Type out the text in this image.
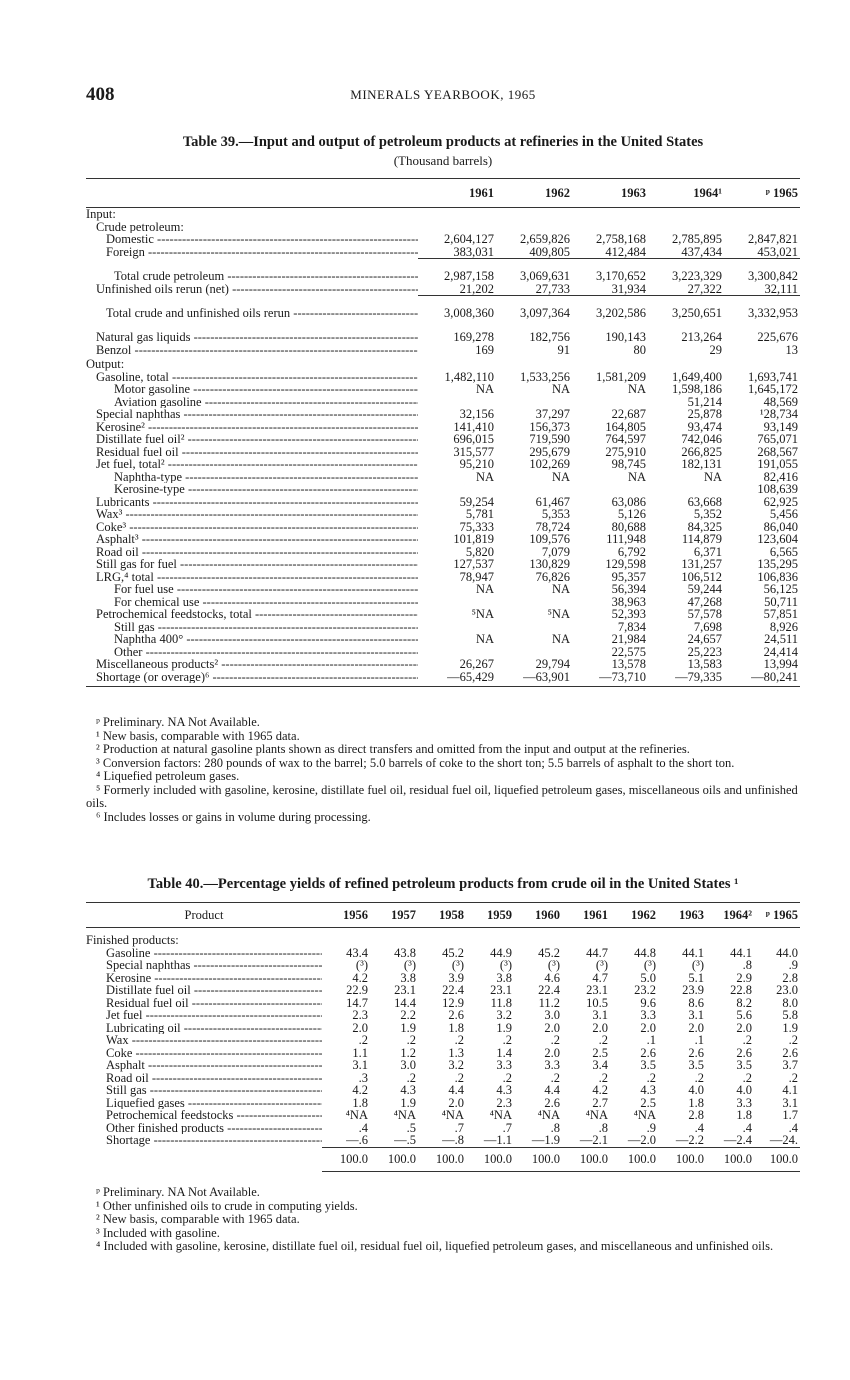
408	MINERALS YEARBOOK, 1965
Table 39.—Input and output of petroleum products at refineries in the United States
(Thousand barrels)
	1961	1962	1963	1964¹	ᵖ 1965
Input:					
Crude petroleum:					
Domestic -----	2,604,127	2,659,826	2,758,168	2,785,895	2,847,821
Foreign -----	383,031	409,805	412,484	437,434	453,021
Total crude petroleum -----	2,987,158	3,069,631	3,170,652	3,223,329	3,300,842
Unfinished oils rerun (net) -----	21,202	27,733	31,934	27,322	32,111
Total crude and unfinished oils rerun -----	3,008,360	3,097,364	3,202,586	3,250,651	3,332,953
Natural gas liquids -----	169,278	182,756	190,143	213,264	225,676
Benzol -----	169	91	80	29	13
Output:					
Gasoline, total -----	1,482,110	1,533,256	1,581,209	1,649,400	1,693,741
Motor gasoline -----	NA	NA	NA	1,598,186	1,645,172
Aviation gasoline -----				51,214	48,569
Special naphthas -----	32,156	37,297	22,687	25,878	¹28,734
Kerosine² -----	141,410	156,373	164,805	93,474	93,149
Distillate fuel oil² -----	696,015	719,590	764,597	742,046	765,071
Residual fuel oil -----	315,577	295,679	275,910	266,825	268,567
Jet fuel, total² -----	95,210	102,269	98,745	182,131	191,055
Naphtha-type -----	NA	NA	NA	NA	82,416
Kerosine-type -----					108,639
Lubricants -----	59,254	61,467	63,086	63,668	62,925
Wax³ -----	5,781	5,353	5,126	5,352	5,456
Coke³ -----	75,333	78,724	80,688	84,325	86,040
Asphalt³ -----	101,819	109,576	111,948	114,879	123,604
Road oil -----	5,820	7,079	6,792	6,371	6,565
Still gas for fuel -----	127,537	130,829	129,598	131,257	135,295
LRG,⁴ total -----	78,947	76,826	95,357	106,512	106,836
For fuel use -----	NA	NA	56,394	59,244	56,125
For chemical use -----			38,963	47,268	50,711
Petrochemical feedstocks, total -----	⁵NA	⁵NA	52,393	57,578	57,851
Still gas -----			7,834	7,698	8,926
Naphtha 400° -----	NA	NA	21,984	24,657	24,511
Other -----			22,575	25,223	24,414
Miscellaneous products² -----	26,267	29,794	13,578	13,583	13,994
Shortage (or overage)⁶ -----	—65,429	—63,901	—73,710	—79,335	—80,241

ᵖ Preliminary. NA Not Available.

¹ New basis, comparable with 1965 data.

² Production at natural gasoline plants shown as direct transfers and omitted from the input and output at the refineries.

³ Conversion factors: 280 pounds of wax to the barrel; 5.0 barrels of coke to the short ton; 5.5 barrels of asphalt to the short ton.

⁴ Liquefied petroleum gases.

⁵ Formerly included with gasoline, kerosine, distillate fuel oil, residual fuel oil, liquefied petroleum gases, miscellaneous oils and unfinished oils.

⁶ Includes losses or gains in volume during processing.

Table 40.—Percentage yields of refined petroleum products from crude oil in the United States ¹
Product	1956	1957	1958	1959	1960	1961	1962	1963	1964²	ᵖ 1965
Finished products:										
Gasoline -----	43.4	43.8	45.2	44.9	45.2	44.7	44.8	44.1	44.1	44.0
Special naphthas -----	(³)	(³)	(³)	(³)	(³)	(³)	(³)	(³)	.8	.9
Kerosine -----	4.2	3.8	3.9	3.8	4.6	4.7	5.0	5.1	2.9	2.8
Distillate fuel oil -----	22.9	23.1	22.4	23.1	22.4	23.1	23.2	23.9	22.8	23.0
Residual fuel oil -----	14.7	14.4	12.9	11.8	11.2	10.5	9.6	8.6	8.2	8.0
Jet fuel -----	2.3	2.2	2.6	3.2	3.0	3.1	3.3	3.1	5.6	5.8
Lubricating oil -----	2.0	1.9	1.8	1.9	2.0	2.0	2.0	2.0	2.0	1.9
Wax -----	.2	.2	.2	.2	.2	.2	.1	.1	.2	.2
Coke -----	1.1	1.2	1.3	1.4	2.0	2.5	2.6	2.6	2.6	2.6
Asphalt -----	3.1	3.0	3.2	3.3	3.3	3.4	3.5	3.5	3.5	3.7
Road oil -----	.3	.2	.2	.2	.2	.2	.2	.2	.2	.2
Still gas -----	4.2	4.3	4.4	4.3	4.4	4.2	4.3	4.0	4.0	4.1
Liquefied gases -----	1.8	1.9	2.0	2.3	2.6	2.7	2.5	1.8	3.3	3.1
Petrochemical feedstocks -----	⁴NA	⁴NA	⁴NA	⁴NA	⁴NA	⁴NA	⁴NA	2.8	1.8	1.7
Other finished products -----	.4	.5	.7	.7	.8	.8	.9	.4	.4	.4
Shortage -----	—.6	—.5	—.8	—1.1	—1.9	—2.1	—2.0	—2.2	—2.4	—24.
	100.0	100.0	100.0	100.0	100.0	100.0	100.0	100.0	100.0	100.0

ᵖ Preliminary. NA Not Available.

¹ Other unfinished oils to crude in computing yields.

² New basis, comparable with 1965 data.

³ Included with gasoline.

⁴ Included with gasoline, kerosine, distillate fuel oil, residual fuel oil, liquefied petroleum gases, and miscellaneous and unfinished oils.
